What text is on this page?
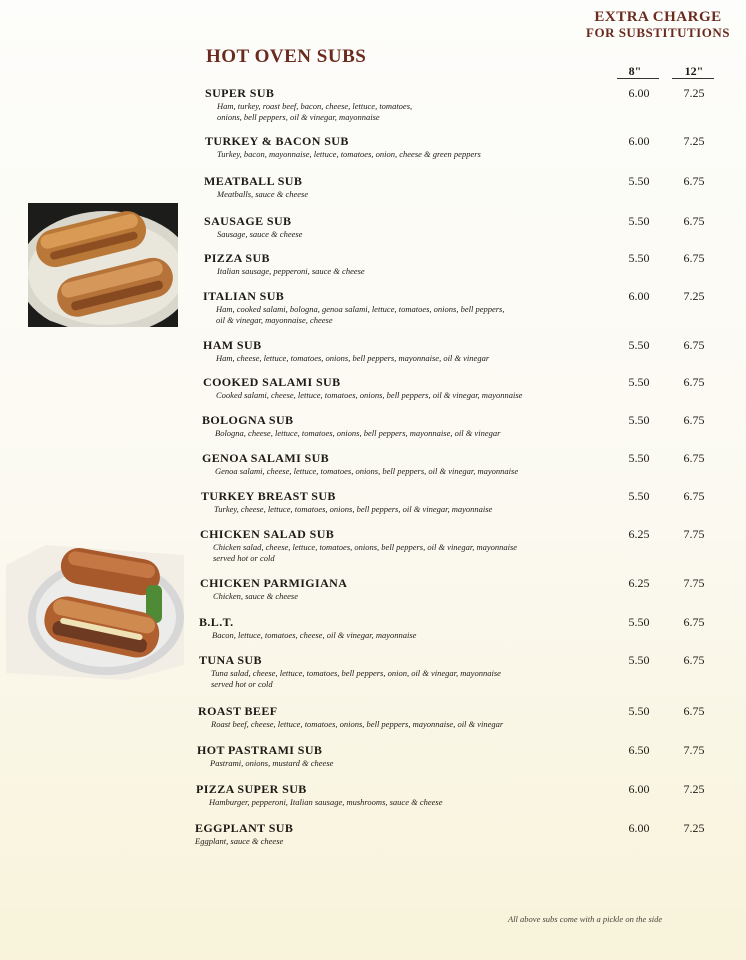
EXTRA CHARGE
FOR SUBSTITUTIONS
HOT OVEN SUBS
8"	12"
SUPER SUB
Ham, turkey, roast beef, bacon, cheese, lettuce, tomatoes,
onions, bell peppers, oil & vinegar, mayonnaise
6.00	7.25
TURKEY & BACON SUB
Turkey, bacon, mayonnaise, lettuce, tomatoes, onion, cheese & green peppers
6.00	7.25
MEATBALL SUB
Meatballs, sauce & cheese
5.50	6.75
SAUSAGE SUB
Sausage, sauce & cheese
5.50	6.75
PIZZA SUB
Italian sausage, pepperoni, sauce & cheese
5.50	6.75
ITALIAN SUB
Ham, cooked salami, bologna, genoa salami, lettuce, tomatoes, onions, bell peppers,
oil & vinegar, mayonnaise, cheese
6.00	7.25
HAM SUB
Ham, cheese, lettuce, tomatoes, onions, bell peppers, mayonnaise, oil & vinegar
5.50	6.75
COOKED SALAMI SUB
Cooked salami, cheese, lettuce, tomatoes, onions, bell peppers, oil & vinegar, mayonnaise
5.50	6.75
BOLOGNA SUB
Bologna, cheese, lettuce, tomatoes, onions, bell peppers, mayonnaise, oil & vinegar
5.50	6.75
GENOA SALAMI SUB
Genoa salami, cheese, lettuce, tomatoes, onions, bell peppers, oil & vinegar, mayonnaise
5.50	6.75
TURKEY BREAST SUB
Turkey, cheese, lettuce, tomatoes, onions, bell peppers, oil & vinegar, mayonnaise
5.50	6.75
CHICKEN SALAD SUB
Chicken salad, cheese, lettuce, tomatoes, onions, bell peppers, oil & vinegar, mayonnaise
served hot or cold
6.25	7.75
CHICKEN PARMIGIANA
Chicken, sauce & cheese
6.25	7.75
B.L.T.
Bacon, lettuce, tomatoes, cheese, oil & vinegar, mayonnaise
5.50	6.75
TUNA SUB
Tuna salad, cheese, lettuce, tomatoes, bell peppers, onion, oil & vinegar, mayonnaise
served hot or cold
5.50	6.75
ROAST BEEF
Roast beef, cheese, lettuce, tomatoes, onions, bell peppers, mayonnaise, oil & vinegar
5.50	6.75
HOT PASTRAMI SUB
Pastrami, onions, mustard & cheese
6.50	7.75
PIZZA SUPER SUB
Hamburger, pepperoni, Italian sausage, mushrooms, sauce & cheese
6.00	7.25
EGGPLANT SUB
Eggplant, sauce & cheese
6.00	7.25
All above subs come with a pickle on the side
